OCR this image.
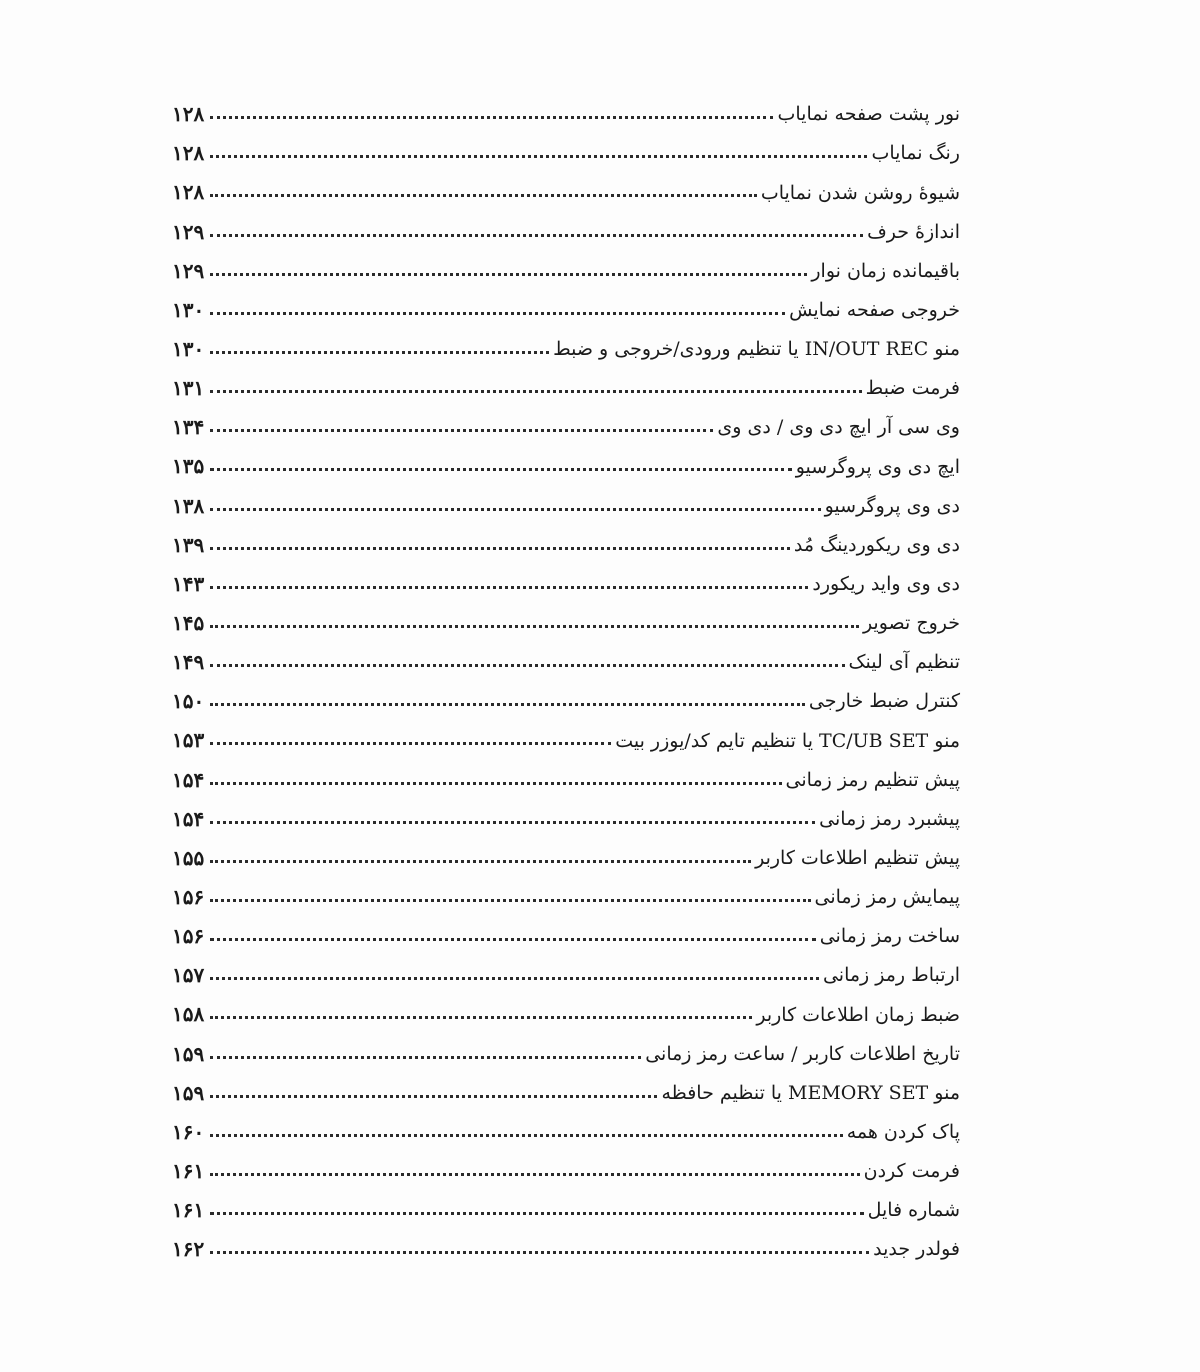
نور پشت صفحه نمایاب
۱۲۸
رنگ نمایاب
۱۲۸
شیوهٔ روشن شدن نمایاب
۱۲۸
اندازهٔ حرف
۱۲۹
باقیمانده زمان نوار
۱۲۹
خروجی صفحه نمایش
۱۳۰
منو IN/OUT REC یا تنظیم ورودی/خروجی و ضبط
۱۳۰
فرمت ضبط
۱۳۱
وی سی آر ایچ دی وی / دی وی
۱۳۴
ایچ دی وی پروگرسیو
۱۳۵
دی وی پروگرسیو
۱۳۸
دی وی ریکوردینگ مُد
۱۳۹
دی وی واید ریکورد
۱۴۳
خروج تصویر
۱۴۵
تنظیم آی لینک
۱۴۹
کنترل ضبط خارجی
۱۵۰
منو TC/UB SET یا تنظیم تایم کد/یوزر بیت
۱۵۳
پیش تنظیم رمز زمانی
۱۵۴
پیشبرد رمز زمانی
۱۵۴
پیش تنظیم اطلاعات کاربر
۱۵۵
پیمایش رمز زمانی
۱۵۶
ساخت رمز زمانی
۱۵۶
ارتباط رمز زمانی
۱۵۷
ضبط زمان اطلاعات کاربر
۱۵۸
تاریخ اطلاعات کاربر / ساعت رمز زمانی
۱۵۹
منو MEMORY SET یا تنظیم حافظه
۱۵۹
پاک کردن همه
۱۶۰
فرمت کردن
۱۶۱
شماره فایل
۱۶۱
فولدر جدید
۱۶۲
